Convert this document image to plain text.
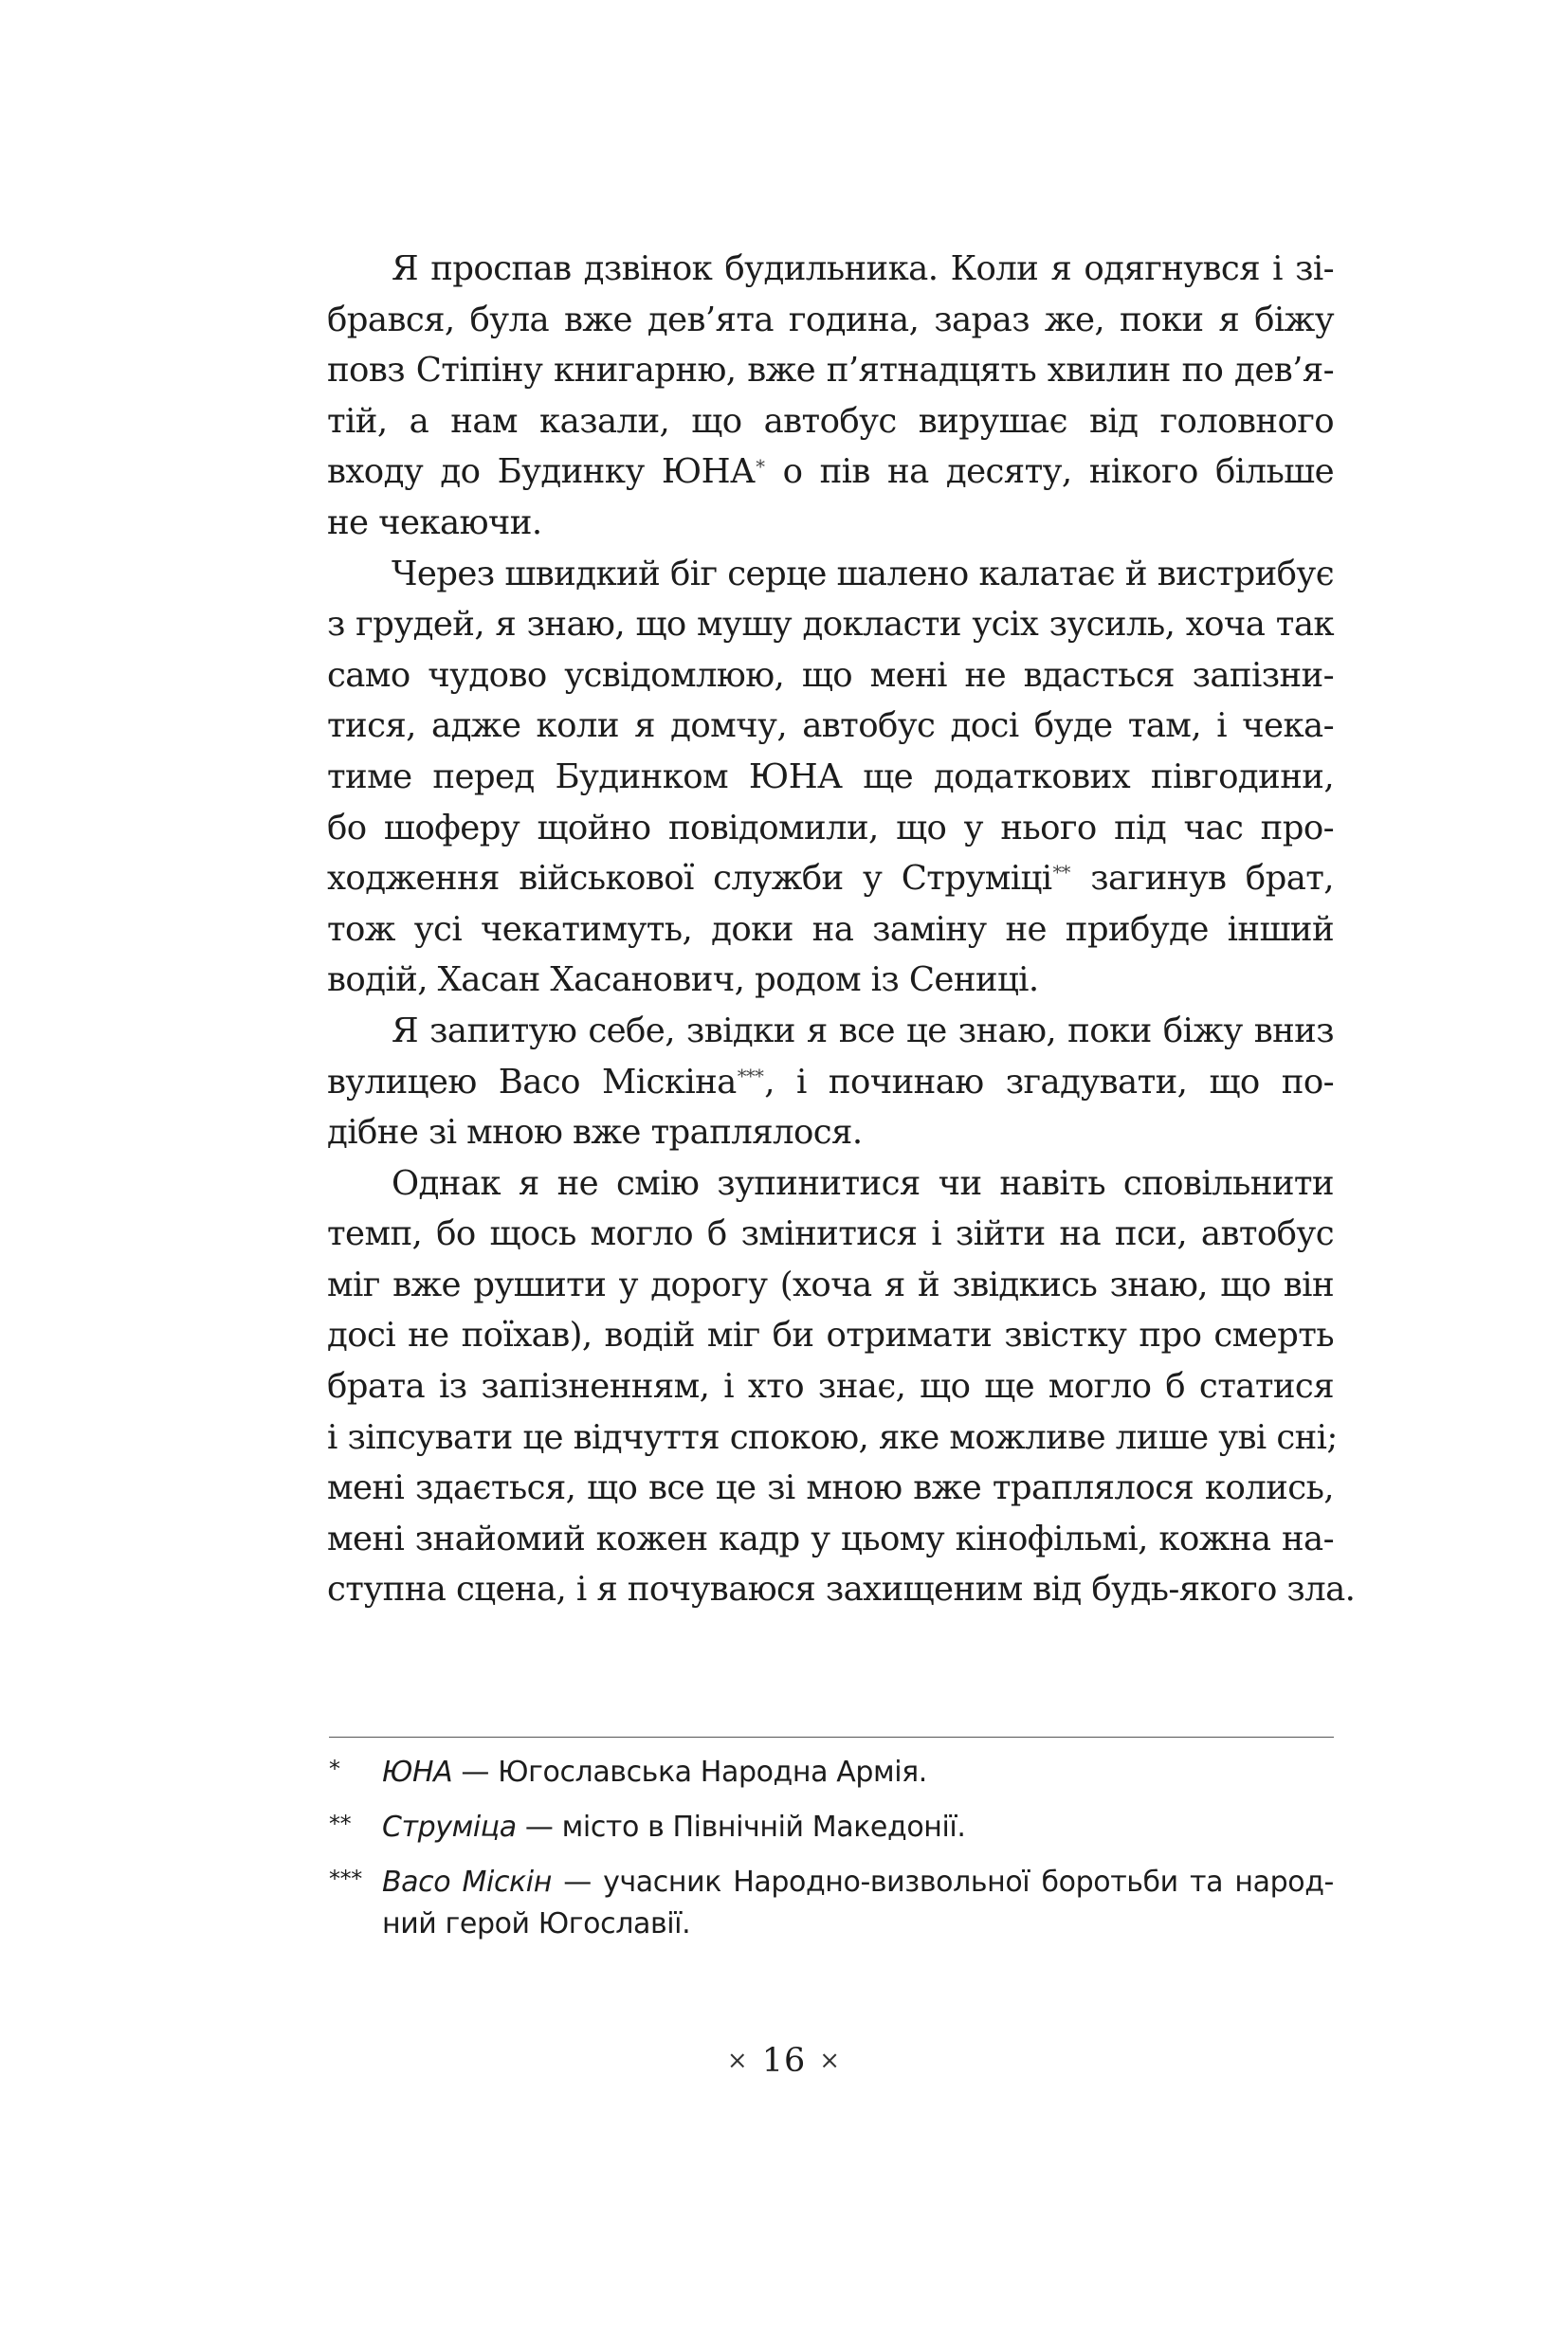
Я проспав дзвінок будильника. Коли я одягнувся і зі-
брався, була вже дев’ята година, зараз же, поки я біжу
повз Стіпіну книгарню, вже п’ятнадцять хвилин по дев’я-
тій, а нам казали, що автобус вирушає від головного
входу до Будинку ЮНА* о пів на десяту, нікого більше
не чекаючи.
Через швидкий біг серце шалено калатає й вистрибує
з грудей, я знаю, що мушу докласти усіх зусиль, хоча так
само чудово усвідомлюю, що мені не вдасться запізни-
тися, адже коли я домчу, автобус досі буде там, і чека-
тиме перед Будинком ЮНА ще додаткових півгодини,
бо шоферу щойно повідомили, що у нього під час про-
ходження військової служби у Струміці** загинув брат,
тож усі чекатимуть, доки на заміну не прибуде інший
водій, Хасан Хасанович, родом із Сениці.
Я запитую себе, звідки я все це знаю, поки біжу вниз
вулицею Васо Міскіна***, і починаю згадувати, що по-
дібне зі мною вже траплялося.
Однак я не смію зупинитися чи навіть сповільнити
темп, бо щось могло б змінитися і зійти на пси, автобус
міг вже рушити у дорогу (хоча я й звідкись знаю, що він
досі не поїхав), водій міг би отримати звістку про смерть
брата із запізненням, і хто знає, що ще могло б статися
і зіпсувати це відчуття спокою, яке можливе лише уві сні;
мені здається, що все це зі мною вже траплялося колись,
мені знайомий кожен кадр у цьому кінофільмі, кожна на-
ступна сцена, і я почуваюся захищеним від будь-якого зла.
* ЮНА — Югославська Народна Армія.
** Струміца — місто в Північній Македонії.
*** Васо Міскін — учасник Народно-визвольної боротьби та народ-
ний герой Югославії.
× 16 ×
